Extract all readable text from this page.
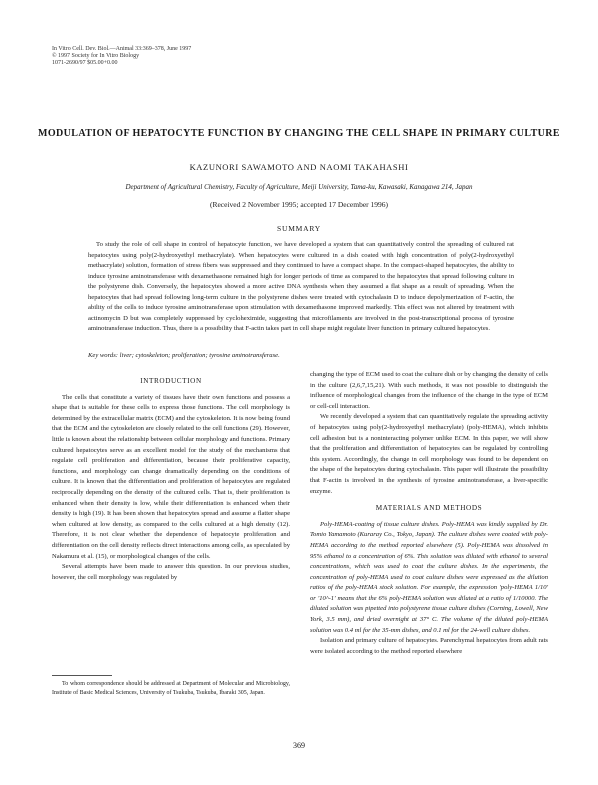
In Vitro Cell. Dev. Biol.—Animal 33:369–378, June 1997
© 1997 Society for In Vitro Biology
1071-2690/97 $05.00+0.00
MODULATION OF HEPATOCYTE FUNCTION BY CHANGING THE CELL SHAPE IN PRIMARY CULTURE
KAZUNORI SAWAMOTO AND NAOMI TAKAHASHI
Department of Agricultural Chemistry, Faculty of Agriculture, Meiji University, Tama-ku, Kawasaki, Kanagawa 214, Japan
(Received 2 November 1995; accepted 17 December 1996)
SUMMARY
To study the role of cell shape in control of hepatocyte function, we have developed a system that can quantitatively control the spreading of cultured rat hepatocytes using poly(2-hydroxyethyl methacrylate). When hepatocytes were cultured in a dish coated with high concentration of poly(2-hydroxyethyl methacrylate) solution, formation of stress fibers was suppressed and they continued to have a compact shape. In the compact-shaped hepatocytes, the ability to induce tyrosine aminotransferase with dexamethasone remained high for longer periods of time as compared to the hepatocytes that spread following culture in the polystyrene dish. Conversely, the hepatocytes showed a more active DNA synthesis when they assumed a flat shape as a result of spreading. When the hepatocytes that had spread following long-term culture in the polystyrene dishes were treated with cytochalasin D to induce depolymerization of F-actin, the ability of the cells to induce tyrosine aminotransferase upon stimulation with dexamethasone improved markedly. This effect was not altered by treatment with actinomycin D but was completely suppressed by cycloheximide, suggesting that microfilaments are involved in the post-transcriptional process of tyrosine aminotransferase induction. Thus, there is a possibility that F-actin takes part in cell shape might regulate liver function in primary cultured hepatocytes.
Key words: liver; cytoskeleton; proliferation; tyrosine aminotransferase.
INTRODUCTION

The cells that constitute a variety of tissues have their own functions and possess a shape that is suitable for these cells to express those functions. The cell morphology is determined by the extracellular matrix (ECM) and the cytoskeleton. It is now being found that the ECM and the cytoskeleton are closely related to the cell functions (29). However, little is known about the relationship between cellular morphology and functions. Primary cultured hepatocytes serve as an excellent model for the study of the mechanisms that regulate cell proliferation and differentiation, because their proliferative capacity, functions, and morphology can change dramatically depending on the conditions of culture. It is known that the differentiation and proliferation of hepatocytes are regulated reciprocally depending on the density of the cultured cells. That is, their proliferation is enhanced when their density is low, while their differentiation is enhanced when their density is high (19). It has been shown that hepatocytes spread and assume a flatter shape when cultured at low density, as compared to the cells cultured at a high density (12). Therefore, it is not clear whether the dependence of hepatocyte proliferation and differentiation on the cell density reflects direct interactions among cells, as speculated by Nakamura et al. (15), or morphological changes of the cells.

Several attempts have been made to answer this question. In our previous studies, however, the cell morphology was regulated by

changing the type of ECM used to coat the culture dish or by changing the density of cells in the culture (2,6,7,15,21). With such methods, it was not possible to distinguish the influence of morphological changes from the influence of the change in the type of ECM or cell-cell interaction.

We recently developed a system that can quantitatively regulate the spreading activity of hepatocytes using poly(2-hydroxyethyl methacrylate) (poly-HEMA), which inhibits cell adhesion but is a noninteracting polymer unlike ECM. In this paper, we will show that the proliferation and differentiation of hepatocytes can be regulated by controlling this system. Accordingly, the change in cell morphology was found to be dependent on the shape of the hepatocytes during cytochalasin. This paper will illustrate the possibility that F-actin is involved in the synthesis of tyrosine aminotransferase, a liver-specific enzyme.

MATERIALS AND METHODS

Poly-HEMA-coating of tissue culture dishes. Poly-HEMA was kindly supplied by Dr. Tomio Yamamoto (Kuraray Co., Tokyo, Japan). The culture dishes were coated with poly-HEMA according to the method reported elsewhere (5). Poly-HEMA was dissolved in 95% ethanol to a concentration of 6%. This solution was diluted with ethanol to several concentrations, which was used to coat the culture dishes. In the experiments, the concentration of poly-HEMA used to coat culture dishes were expressed as the dilution ratios of the poly-HEMA stock solution. For example, the expression 'poly-HEMA 1/10' or '10^-1' means that the 6% poly-HEMA solution was diluted at a ratio of 1/10000. The diluted solution was pipetted into polystyrene tissue culture dishes (Corning, Lowell, New York, 3.5 mm), and dried overnight at 37° C. The volume of the diluted poly-HEMA solution was 0.4 ml for the 35-mm dishes, and 0.1 ml for the 24-well culture dishes.

Isolation and primary culture of hepatocytes. Parenchymal hepatocytes from adult rats were isolated according to the method reported elsewhere

To whom correspondence should be addressed at Department of Molecular and Microbiology, Institute of Basic Medical Sciences, University of Tsukuba, Tsukuba, Ibaraki 305, Japan.

369
